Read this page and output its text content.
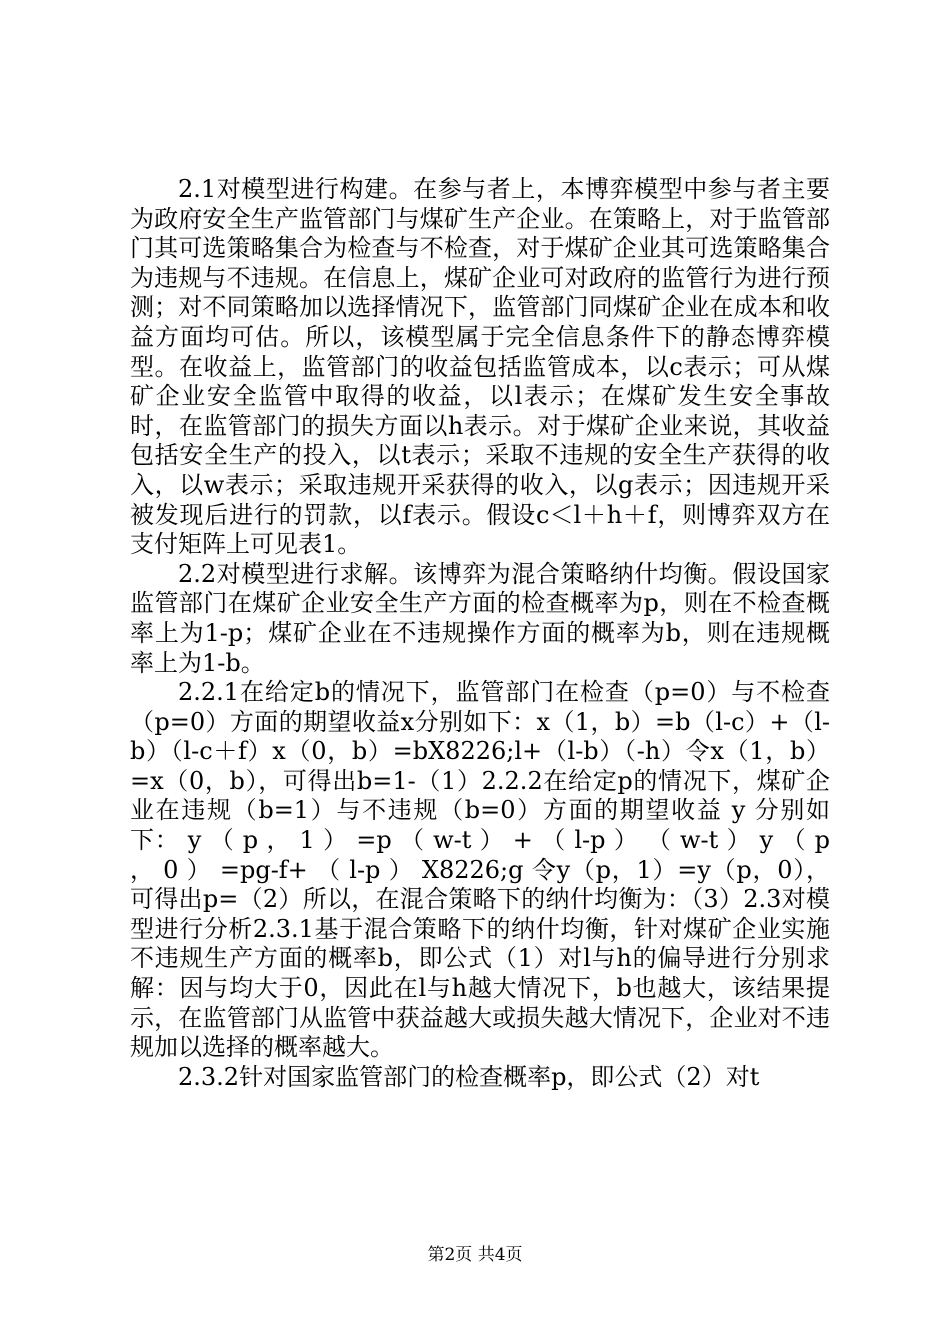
2.1对模型进行构建。在参与者上，本博弈模型中参与者主要为政府安全生产监管部门与煤矿生产企业。在策略上，对于监管部门其可选策略集合为检查与不检查，对于煤矿企业其可选策略集合为违规与不违规。在信息上，煤矿企业可对政府的监管行为进行预测；对不同策略加以选择情况下，监管部门同煤矿企业在成本和收益方面均可估。所以，该模型属于完全信息条件下的静态博弈模型。在收益上，监管部门的收益包括监管成本，以c表示；可从煤矿企业安全监管中取得的收益，以l表示；在煤矿发生安全事故时，在监管部门的损失方面以h表示。对于煤矿企业来说，其收益包括安全生产的投入，以t表示；采取不违规的安全生产获得的收入，以w表示；采取违规开采获得的收入，以g表示；因违规开采被发现后进行的罚款，以f表示。假设c＜l＋h＋f，则博弈双方在支付矩阵上可见表1。

2.2对模型进行求解。该博弈为混合策略纳什均衡。假设国家监管部门在煤矿企业安全生产方面的检查概率为p，则在不检查概率上为1-p；煤矿企业在不违规操作方面的概率为b，则在违规概率上为1-b。

2.2.1在给定b的情况下，监管部门在检查（p=0）与不检查（p=0）方面的期望收益x分别如下：x（1，b）=b（l-c）+（l-b）（l-c＋f）x（0，b）=bX8226;l+（l-b）（-h）令x（1，b）=x（0，b），可得出b=1-（1）2.2.2在给定p的情况下，煤矿企业在违规（b=1）与不违规（b=0）方面的期望收益 y 分别如下： y （ p ， 1 ） =p （ w-t ） + （ l-p ） （ w-t ） y （ p ， 0 ） =pg-f+ （ l-p ） X8226;g 令y（p，1）=y（p，0），可得出p=（2）所以，在混合策略下的纳什均衡为：（3）2.3对模型进行分析2.3.1基于混合策略下的纳什均衡，针对煤矿企业实施不违规生产方面的概率b，即公式（1）对l与h的偏导进行分别求解：因与均大于0，因此在l与h越大情况下，b也越大，该结果提示，在监管部门从监管中获益越大或损失越大情况下，企业对不违规加以选择的概率越大。

2.3.2针对国家监管部门的检查概率p，即公式（2）对t

第2页 共4页
